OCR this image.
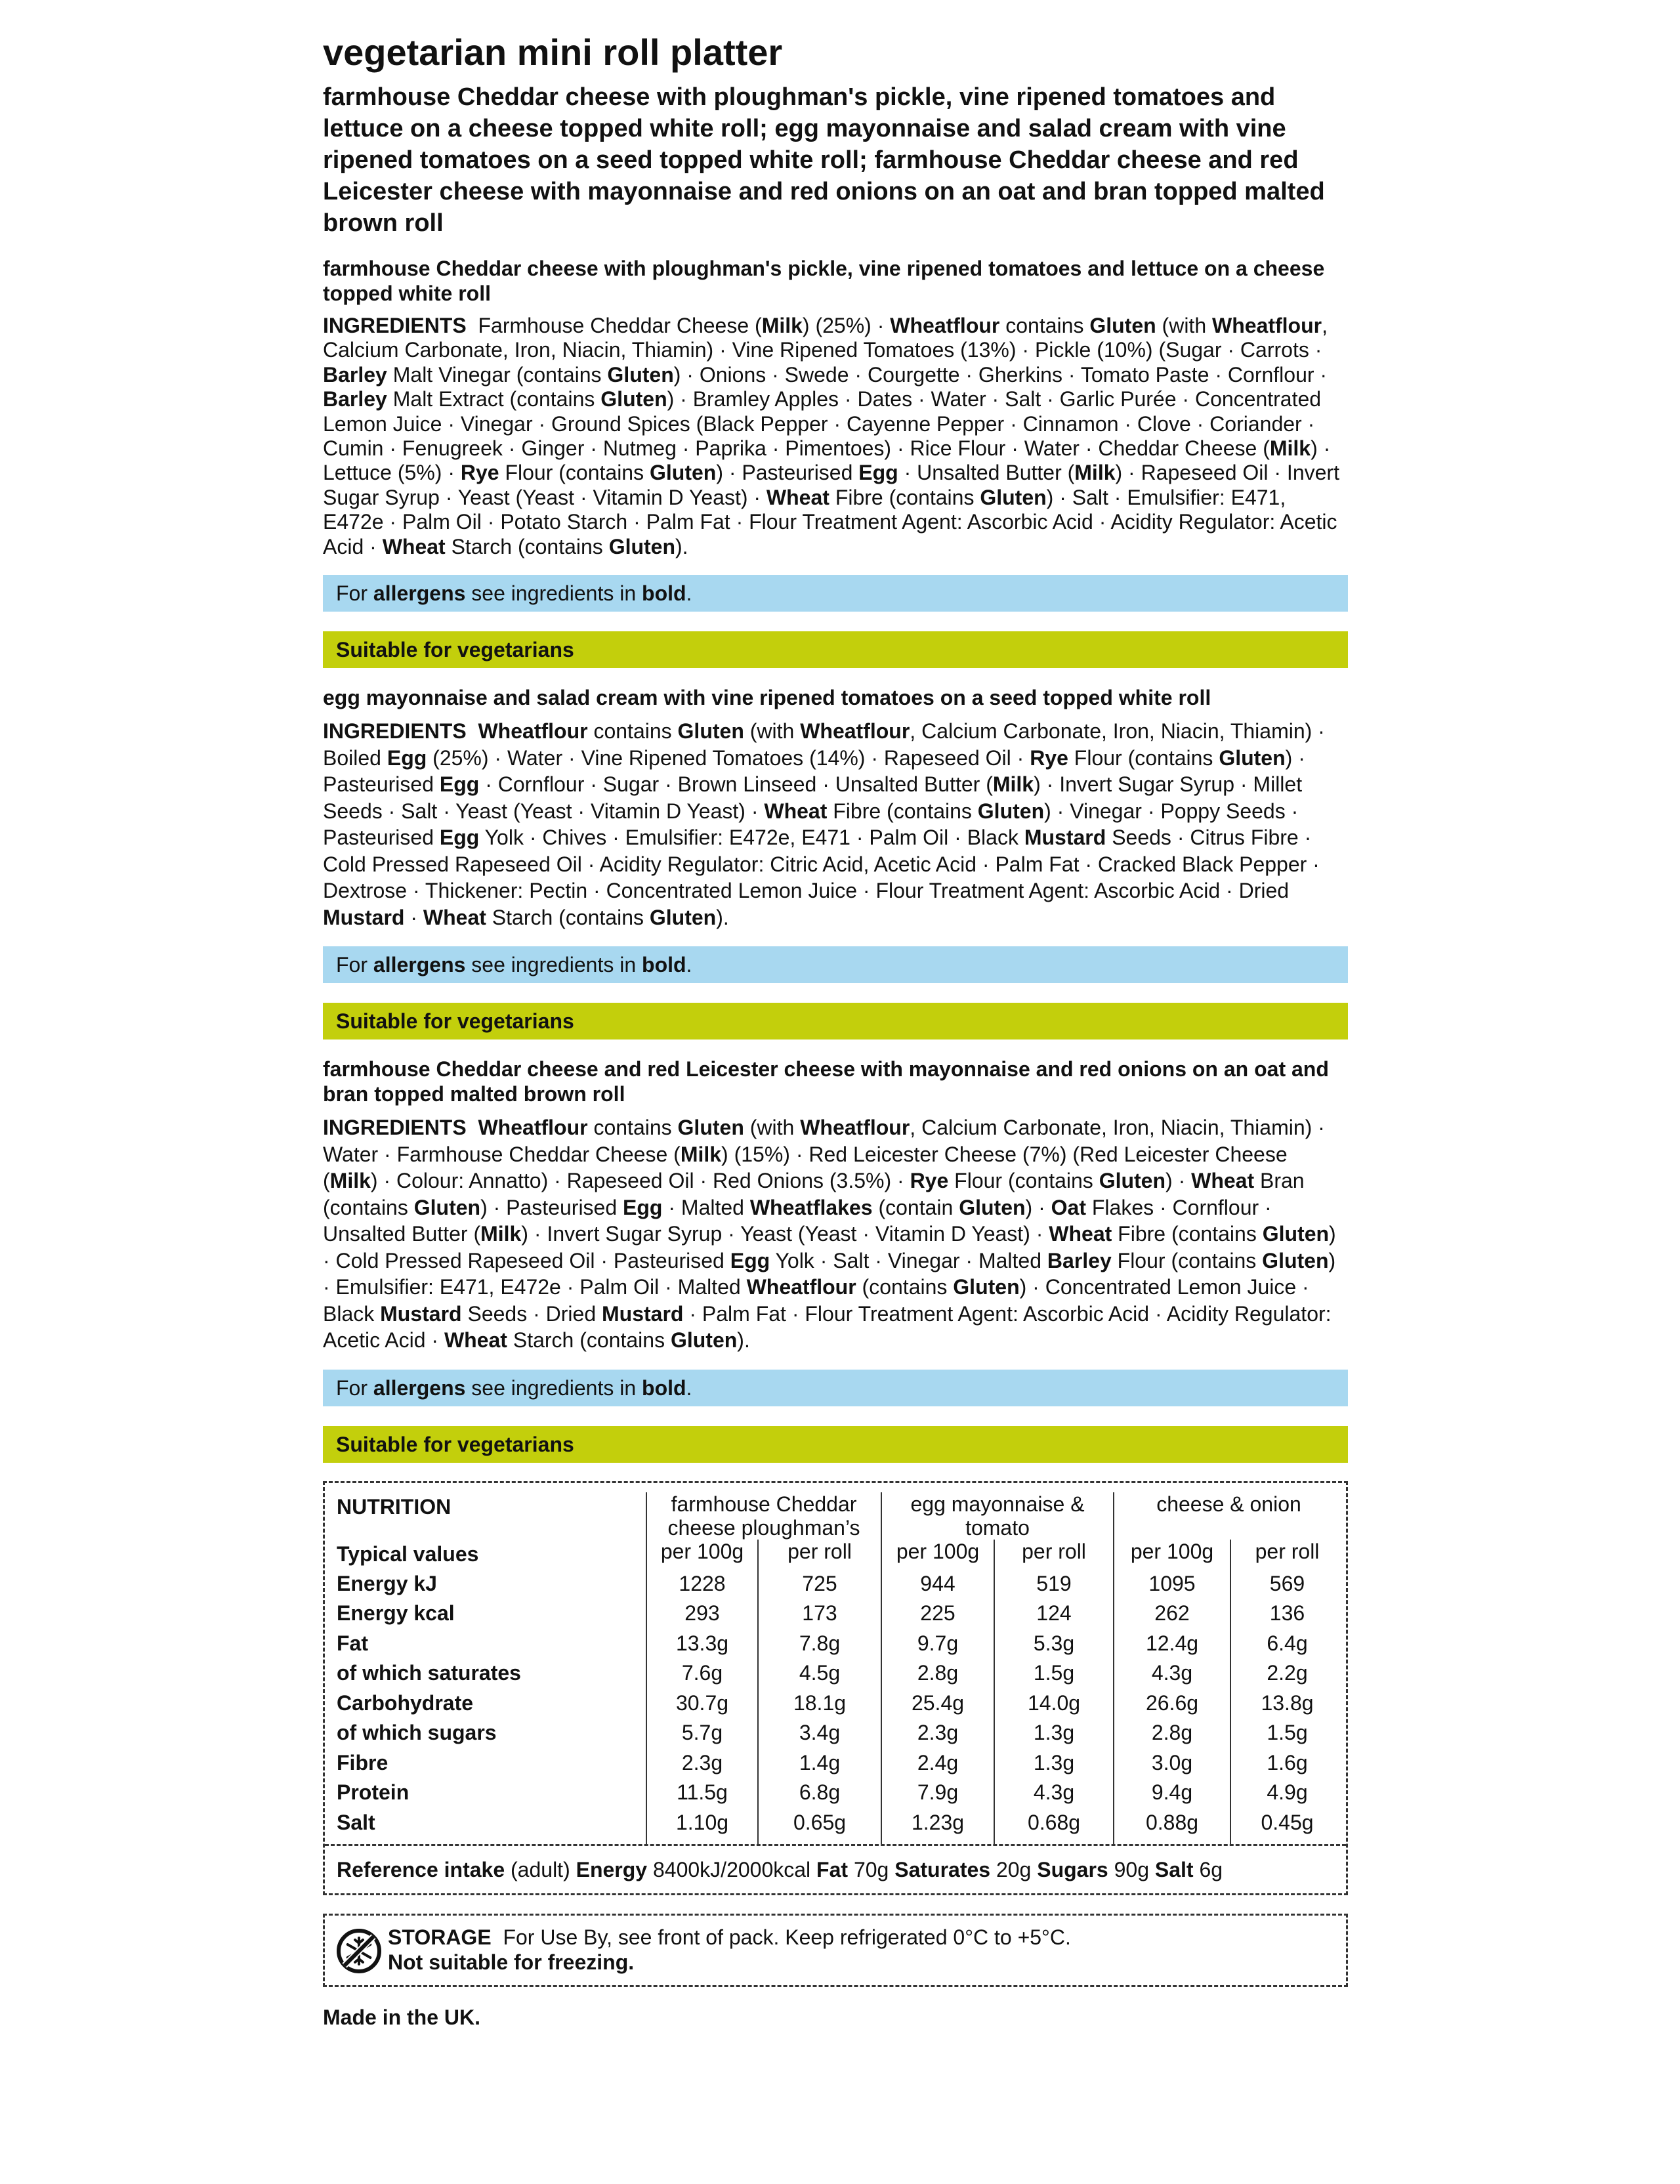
vegetarian mini roll platter
farmhouse Cheddar cheese with ploughman's pickle, vine ripened tomatoes and lettuce on a cheese topped white roll; egg mayonnaise and salad cream with vine ripened tomatoes on a seed topped white roll; farmhouse Cheddar cheese and red Leicester cheese with mayonnaise and red onions on an oat and bran topped malted brown roll
farmhouse Cheddar cheese with ploughman's pickle, vine ripened tomatoes and lettuce on a cheese topped white roll
INGREDIENTS Farmhouse Cheddar Cheese (Milk) (25%) · Wheatflour contains Gluten (with Wheatflour, Calcium Carbonate, Iron, Niacin, Thiamin) · Vine Ripened Tomatoes (13%) · Pickle (10%) (Sugar · Carrots · Barley Malt Vinegar (contains Gluten) · Onions · Swede · Courgette · Gherkins · Tomato Paste · Cornflour · Barley Malt Extract (contains Gluten) · Bramley Apples · Dates · Water · Salt · Garlic Purée · Concentrated Lemon Juice · Vinegar · Ground Spices (Black Pepper · Cayenne Pepper · Cinnamon · Clove · Coriander · Cumin · Fenugreek · Ginger · Nutmeg · Paprika · Pimentoes) · Rice Flour · Water · Cheddar Cheese (Milk) · Lettuce (5%) · Rye Flour (contains Gluten) · Pasteurised Egg · Unsalted Butter (Milk) · Rapeseed Oil · Invert Sugar Syrup · Yeast (Yeast · Vitamin D Yeast) · Wheat Fibre (contains Gluten) · Salt · Emulsifier: E471, E472e · Palm Oil · Potato Starch · Palm Fat · Flour Treatment Agent: Ascorbic Acid · Acidity Regulator: Acetic Acid · Wheat Starch (contains Gluten).
For allergens see ingredients in bold.
Suitable for vegetarians
egg mayonnaise and salad cream with vine ripened tomatoes on a seed topped white roll
INGREDIENTS Wheatflour contains Gluten (with Wheatflour, Calcium Carbonate, Iron, Niacin, Thiamin) · Boiled Egg (25%) · Water · Vine Ripened Tomatoes (14%) · Rapeseed Oil · Rye Flour (contains Gluten) · Pasteurised Egg · Cornflour · Sugar · Brown Linseed · Unsalted Butter (Milk) · Invert Sugar Syrup · Millet Seeds · Salt · Yeast (Yeast · Vitamin D Yeast) · Wheat Fibre (contains Gluten) · Vinegar · Poppy Seeds · Pasteurised Egg Yolk · Chives · Emulsifier: E472e, E471 · Palm Oil · Black Mustard Seeds · Citrus Fibre · Cold Pressed Rapeseed Oil · Acidity Regulator: Citric Acid, Acetic Acid · Palm Fat · Cracked Black Pepper · Dextrose · Thickener: Pectin · Concentrated Lemon Juice · Flour Treatment Agent: Ascorbic Acid · Dried Mustard · Wheat Starch (contains Gluten).
For allergens see ingredients in bold.
Suitable for vegetarians
farmhouse Cheddar cheese and red Leicester cheese with mayonnaise and red onions on an oat and bran topped malted brown roll
INGREDIENTS Wheatflour contains Gluten (with Wheatflour, Calcium Carbonate, Iron, Niacin, Thiamin) · Water · Farmhouse Cheddar Cheese (Milk) (15%) · Red Leicester Cheese (7%) (Red Leicester Cheese (Milk) · Colour: Annatto) · Rapeseed Oil · Red Onions (3.5%) · Rye Flour (contains Gluten) · Wheat Bran (contains Gluten) · Pasteurised Egg · Malted Wheatflakes (contain Gluten) · Oat Flakes · Cornflour · Unsalted Butter (Milk) · Invert Sugar Syrup · Yeast (Yeast · Vitamin D Yeast) · Wheat Fibre (contains Gluten) · Cold Pressed Rapeseed Oil · Pasteurised Egg Yolk · Salt · Vinegar · Malted Barley Flour (contains Gluten) · Emulsifier: E471, E472e · Palm Oil · Malted Wheatflour (contains Gluten) · Concentrated Lemon Juice · Black Mustard Seeds · Dried Mustard · Palm Fat · Flour Treatment Agent: Ascorbic Acid · Acidity Regulator: Acetic Acid · Wheat Starch (contains Gluten).
For allergens see ingredients in bold.
Suitable for vegetarians
NUTRITION	farmhouse Cheddar cheese ploughman’s		egg mayonnaise & tomato		cheese & onion	
Typical values	per 100g	per roll	per 100g	per roll	per 100g	per roll
Energy kJ	1228	725	944	519	1095	569
Energy kcal	293	173	225	124	262	136
Fat	13.3g	7.8g	9.7g	5.3g	12.4g	6.4g
of which saturates	7.6g	4.5g	2.8g	1.5g	4.3g	2.2g
Carbohydrate	30.7g	18.1g	25.4g	14.0g	26.6g	13.8g
of which sugars	5.7g	3.4g	2.3g	1.3g	2.8g	1.5g
Fibre	2.3g	1.4g	2.4g	1.3g	3.0g	1.6g
Protein	11.5g	6.8g	7.9g	4.3g	9.4g	4.9g
Salt	1.10g	0.65g	1.23g	0.68g	0.88g	0.45g
Reference intake (adult) Energy 8400kJ/2000kcal Fat 70g Saturates 20g Sugars 90g Salt 6g
STORAGE For Use By, see front of pack. Keep refrigerated 0°C to +5°C.
Not suitable for freezing.
Made in the UK.
